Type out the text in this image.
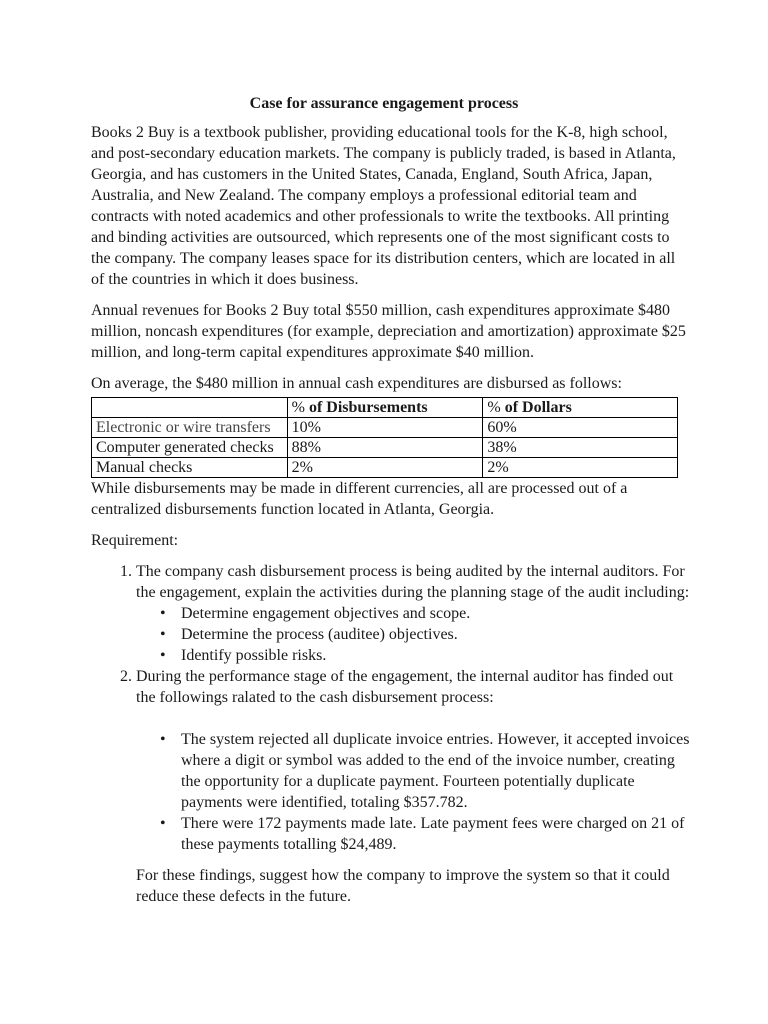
Case for assurance engagement process

Books 2 Buy is a textbook publisher, providing educational tools for the K-8, high school, and post-secondary education markets. The company is publicly traded, is based in Atlanta, Georgia, and has customers in the United States, Canada, England, South Africa, Japan, Australia, and New Zealand. The company employs a professional editorial team and contracts with noted academics and other professionals to write the textbooks. All printing and binding activities are outsourced, which represents one of the most significant costs to the company. The company leases space for its distribution centers, which are located in all of the countries in which it does business.

Annual revenues for Books 2 Buy total $550 million, cash expenditures approximate $480 million, noncash expenditures (for example, depreciation and amortization) approximate $25 million, and long-term capital expenditures approximate $40 million.

On average, the $480 million in annual cash expenditures are disbursed as follows:

	% of Disbursements	% of Dollars
Electronic or wire transfers	10%	60%
Computer generated checks	88%	38%
Manual checks	2%	2%

While disbursements may be made in different currencies, all are processed out of a centralized disbursements function located in Atlanta, Georgia.

Requirement:

1. The company cash disbursement process is being audited by the internal auditors. For the engagement, explain the activities during the planning stage of the audit including:
• Determine engagement objectives and scope.
• Determine the process (auditee) objectives.
• Identify possible risks.
2. During the performance stage of the engagement, the internal auditor has finded out the followings ralated to the cash disbursement process:
• The system rejected all duplicate invoice entries. However, it accepted invoices where a digit or symbol was added to the end of the invoice number, creating the opportunity for a duplicate payment. Fourteen potentially duplicate payments were identified, totaling $357.782.
• There were 172 payments made late. Late payment fees were charged on 21 of these payments totalling $24,489.

For these findings, suggest how the company to improve the system so that it could reduce these defects in the future.
